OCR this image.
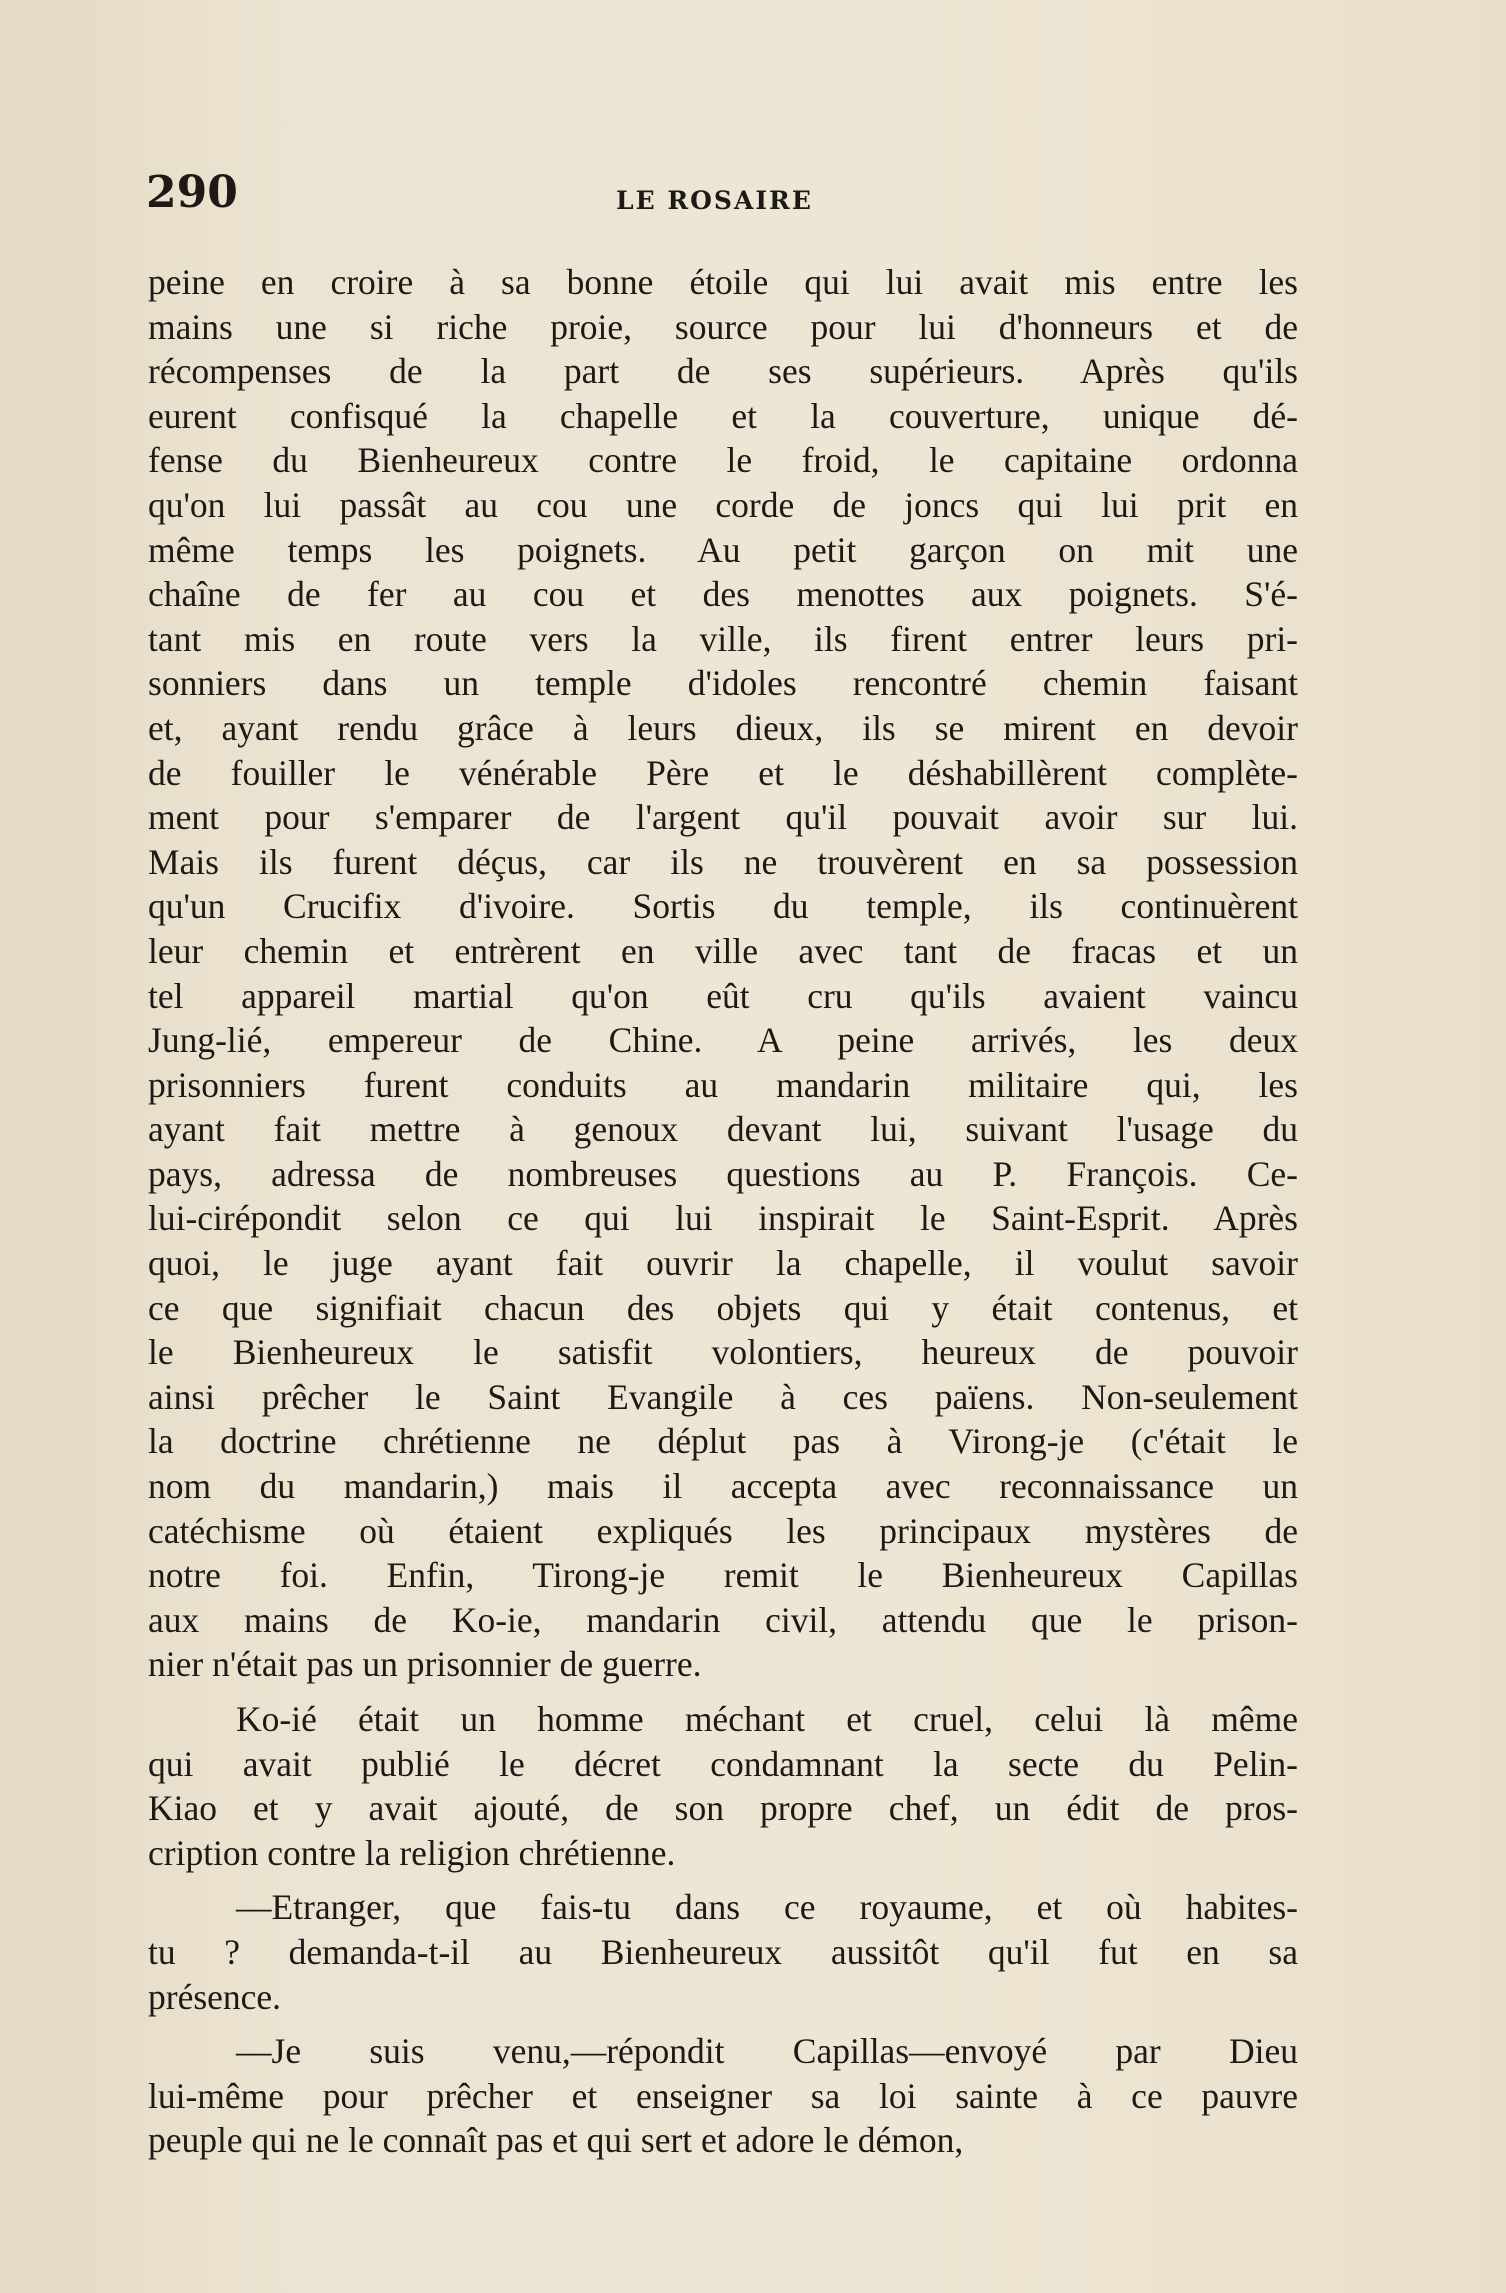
290	LE ROSAIRE

peine en croire à sa bonne étoile qui lui avait mis entre les
mains une si riche proie, source pour lui d'honneurs et de
récompenses de la part de ses supérieurs. Après qu'ils
eurent confisqué la chapelle et la couverture, unique dé-
fense du Bienheureux contre le froid, le capitaine ordonna
qu'on lui passât au cou une corde de joncs qui lui prit en
même temps les poignets. Au petit garçon on mit une
chaîne de fer au cou et des menottes aux poignets. S'é-
tant mis en route vers la ville, ils firent entrer leurs pri-
sonniers dans un temple d'idoles rencontré chemin faisant
et, ayant rendu grâce à leurs dieux, ils se mirent en devoir
de fouiller le vénérable Père et le déshabillèrent complète-
ment pour s'emparer de l'argent qu'il pouvait avoir sur lui.
Mais ils furent déçus, car ils ne trouvèrent en sa possession
qu'un Crucifix d'ivoire. Sortis du temple, ils continuèrent
leur chemin et entrèrent en ville avec tant de fracas et un
tel appareil martial qu'on eût cru qu'ils avaient vaincu
Jung-lié, empereur de Chine. A peine arrivés, les deux
prisonniers furent conduits au mandarin militaire qui, les
ayant fait mettre à genoux devant lui, suivant l'usage du
pays, adressa de nombreuses questions au P. François. Ce-
lui-cirépondit selon ce qui lui inspirait le Saint-Esprit. Après
quoi, le juge ayant fait ouvrir la chapelle, il voulut savoir
ce que signifiait chacun des objets qui y était contenus, et
le Bienheureux le satisfit volontiers, heureux de pouvoir
ainsi prêcher le Saint Evangile à ces païens. Non-seulement
la doctrine chrétienne ne déplut pas à Virong-je (c'était le
nom du mandarin,) mais il accepta avec reconnaissance un
catéchisme où étaient expliqués les principaux mystères de
notre foi. Enfin, Tirong-je remit le Bienheureux Capillas
aux mains de Ko-ie, mandarin civil, attendu que le prison-
nier n'était pas un prisonnier de guerre.

Ko-ié était un homme méchant et cruel, celui là même
qui avait publié le décret condamnant la secte du Pelin-
Kiao et y avait ajouté, de son propre chef, un édit de pros-
cription contre la religion chrétienne.

—Etranger, que fais-tu dans ce royaume, et où habites-
tu ? demanda-t-il au Bienheureux aussitôt qu'il fut en sa
présence.

—Je suis venu,—répondit Capillas—envoyé par Dieu
lui-même pour prêcher et enseigner sa loi sainte à ce pauvre
peuple qui ne le connaît pas et qui sert et adore le démon,
